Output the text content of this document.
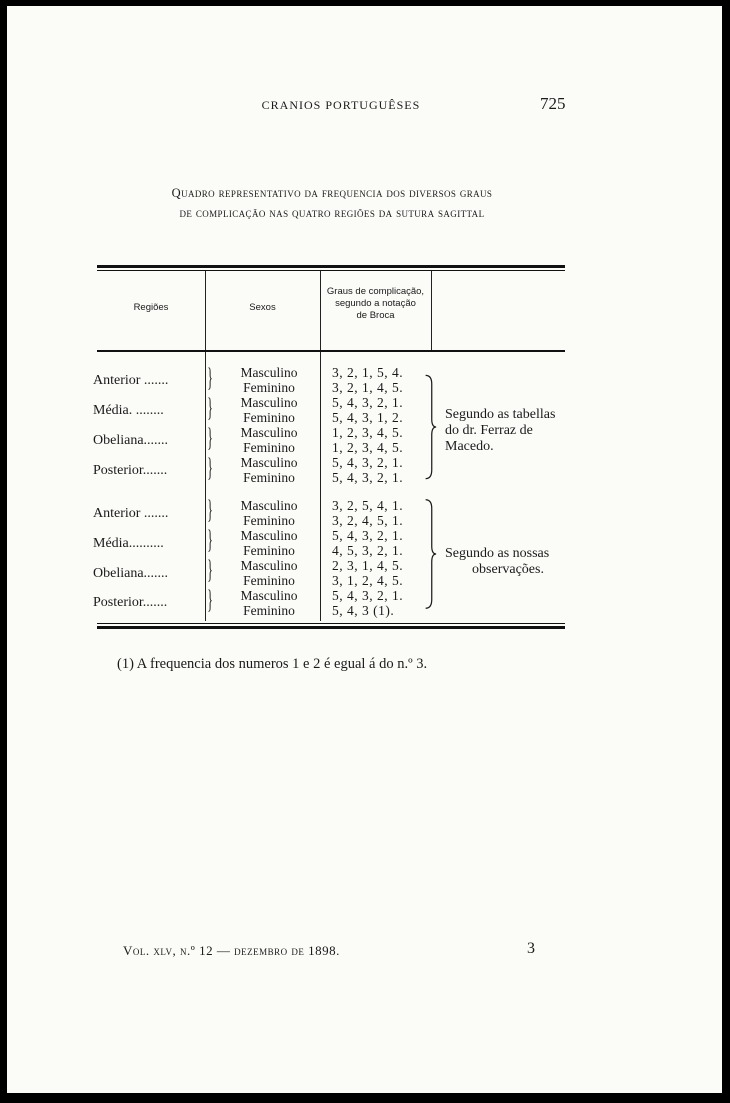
CRANIOS PORTUGUÊSES	725
Quadro representativo da frequencia dos diversos graus
de complicação nas quatro regiões da sutura sagittal
Regiões	Sexos
Graus de complicação,
segundo a notação
de Broca
Anterior .......	}	Masculino	3, 2, 1, 5, 4.
Feminino	3, 2, 1, 4, 5.
Média. ........	}	Masculino	5, 4, 3, 2, 1.
Feminino	5, 4, 3, 1, 2.
Obeliana.......	}	Masculino	1, 2, 3, 4, 5.
Feminino	1, 2, 3, 4, 5.
Posterior.......	}	Masculino	5, 4, 3, 2, 1.
Feminino	5, 4, 3, 2, 1.
Segundo as tabellas
do dr. Ferraz de
Macedo.
Anterior .......	}	Masculino	3, 2, 5, 4, 1.
Feminino	3, 2, 4, 5, 1.
Média..........	}	Masculino	5, 4, 3, 2, 1.
Feminino	4, 5, 3, 2, 1.
Obeliana.......	}	Masculino	2, 3, 1, 4, 5.
Feminino	3, 1, 2, 4, 5.
Posterior.......	}	Masculino	5, 4, 3, 2, 1.
Feminino	5, 4, 3 (1).
Segundo as nossas
observações.
(1) A frequencia dos numeros 1 e 2 é egual á do n.º 3.
Vol. xlv, n.º 12 — dezembro de 1898.	3
